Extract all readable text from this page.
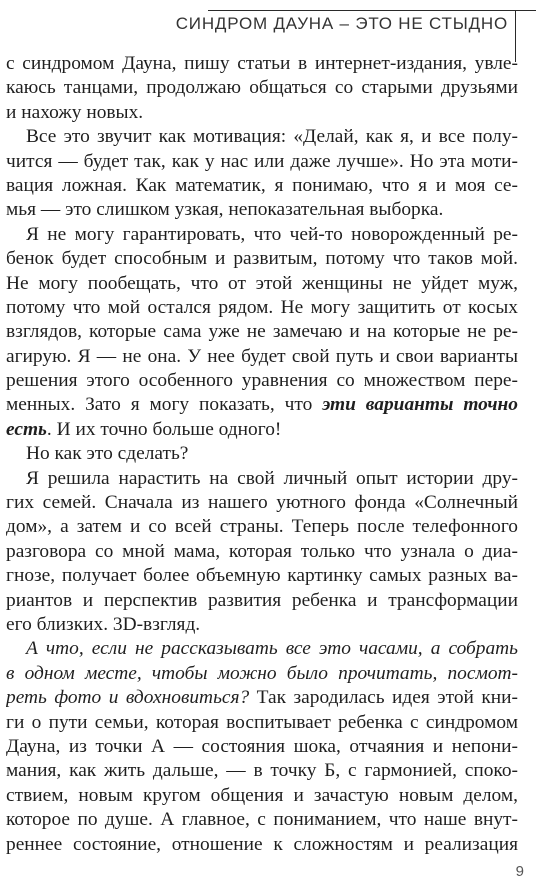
СИНДРОМ ДАУНА – ЭТО НЕ СТЫДНО
с синдромом Дауна, пишу статьи в интернет-издания, увле-
каюсь танцами, продолжаю общаться со старыми друзьями
и нахожу новых.
Все это звучит как мотивация: «Делай, как я, и все полу-
чится — будет так, как у нас или даже лучше». Но эта моти-
вация ложная. Как математик, я понимаю, что я и моя се-
мья — это слишком узкая, непоказательная выборка.
Я не могу гарантировать, что чей-то новорожденный ре-
бенок будет способным и развитым, потому что таков мой.
Не могу пообещать, что от этой женщины не уйдет муж,
потому что мой остался рядом. Не могу защитить от косых
взглядов, которые сама уже не замечаю и на которые не ре-
агирую. Я — не она. У нее будет свой путь и свои варианты
решения этого особенного уравнения со множеством пере-
менных. Зато я могу показать, что эти варианты точно
есть. И их точно больше одного!
Но как это сделать?
Я решила нарастить на свой личный опыт истории дру-
гих семей. Сначала из нашего уютного фонда «Солнечный
дом», а затем и со всей страны. Теперь после телефонного
разговора со мной мама, которая только что узнала о диа-
гнозе, получает более объемную картинку самых разных ва-
риантов и перспектив развития ребенка и трансформации
его близких. 3D-взгляд.
А что, если не рассказывать все это часами, а собрать
в одном месте, чтобы можно было прочитать, посмот-
реть фото и вдохновиться? Так зародилась идея этой кни-
ги о пути семьи, которая воспитывает ребенка с синдромом
Дауна, из точки А — состояния шока, отчаяния и непони-
мания, как жить дальше, — в точку Б, с гармонией, споко-
ствием, новым кругом общения и зачастую новым делом,
которое по душе. А главное, с пониманием, что наше внут-
реннее состояние, отношение к сложностям и реализация
9
